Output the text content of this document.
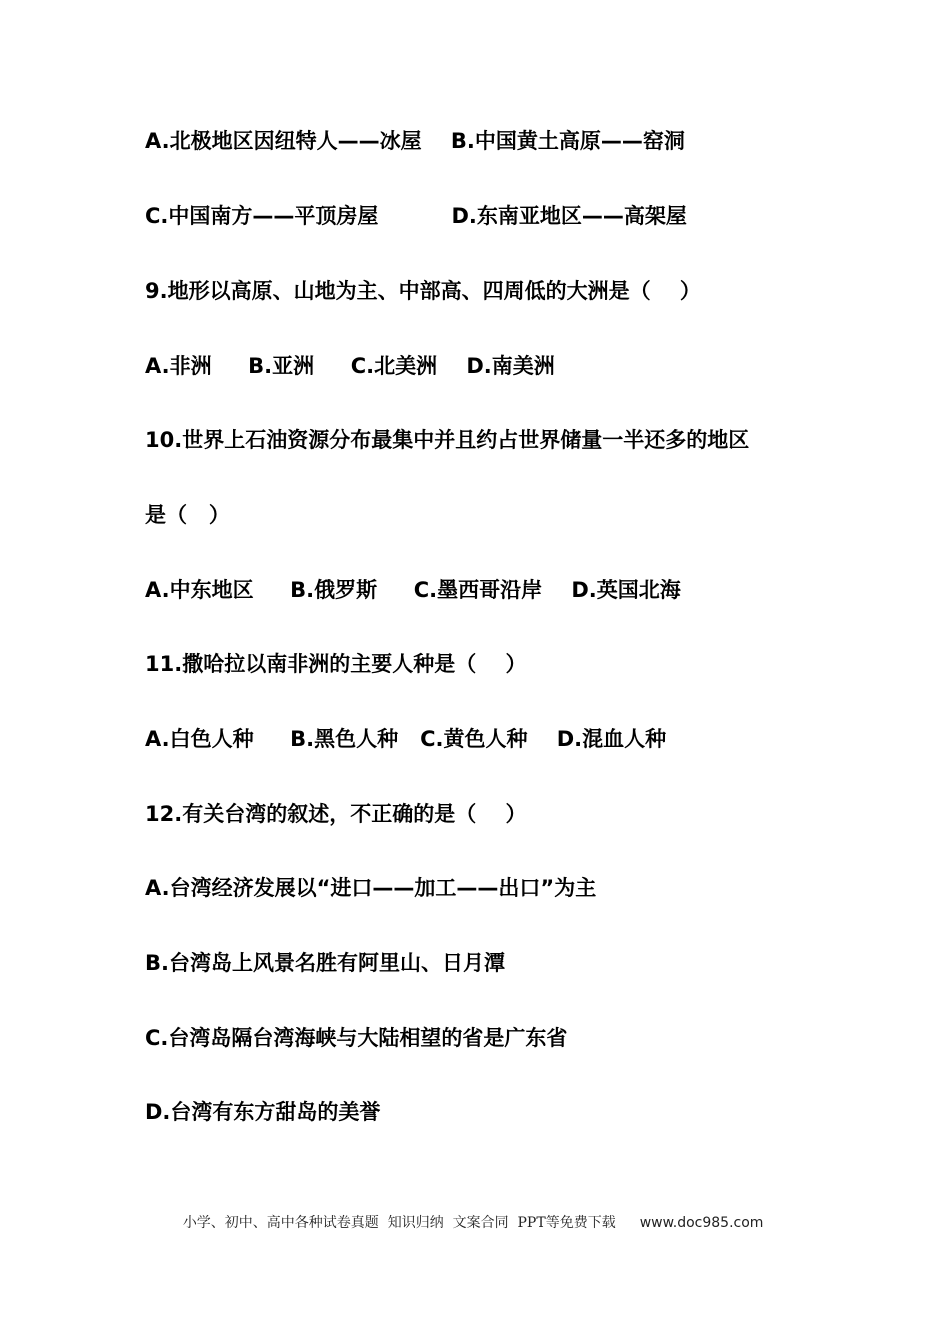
A.北极地区因纽特人——冰屋    B.中国黄土高原——窑洞
C.中国南方——平顶房屋          D.东南亚地区——高架屋
9.地形以高原、山地为主、中部高、四周低的大洲是（    ）
A.非洲     B.亚洲     C.北美洲    D.南美洲
10.世界上石油资源分布最集中并且约占世界储量一半还多的地区
是（   ）
A.中东地区     B.俄罗斯     C.墨西哥沿岸    D.英国北海
11.撒哈拉以南非洲的主要人种是（    ）
A.白色人种     B.黑色人种   C.黄色人种    D.混血人种
12.有关台湾的叙述，不正确的是（    ）
A.台湾经济发展以“进口——加工——出口”为主
B.台湾岛上风景名胜有阿里山、日月潭
C.台湾岛隔台湾海峡与大陆相望的省是广东省
D.台湾有东方甜岛的美誉

小学、初中、高中各种试卷真题  知识归纳  文案合同  PPT等免费下载 www.doc985.com
